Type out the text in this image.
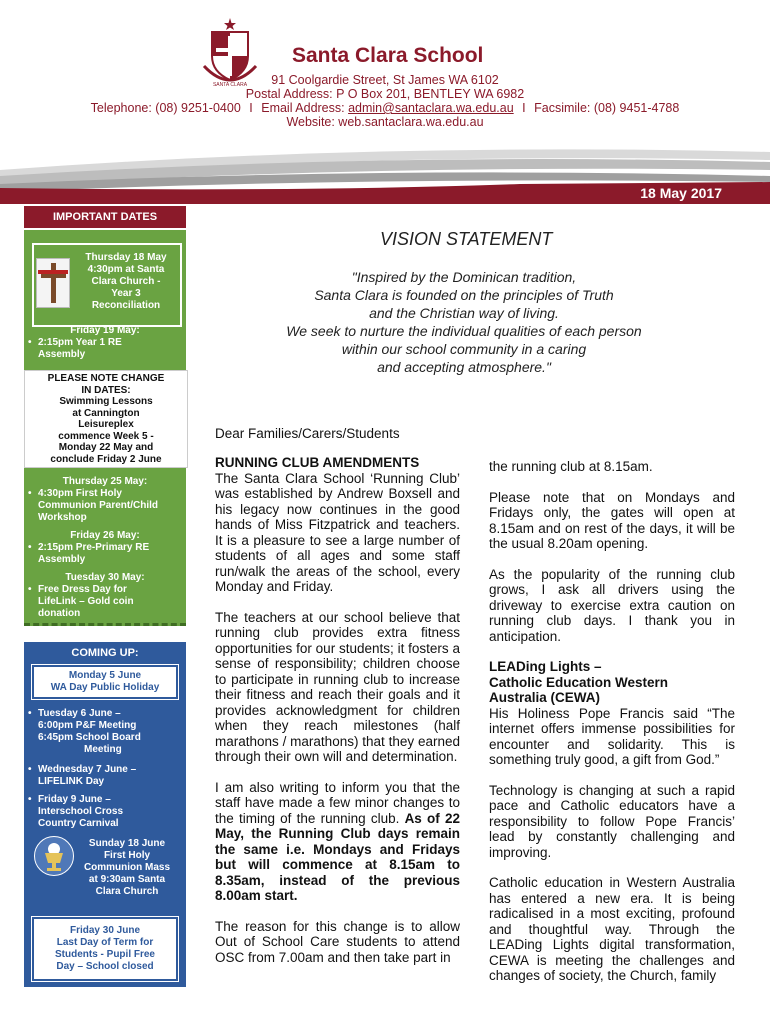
SANTA CLARA
Santa Clara School
91 Coolgardie Street, St James WA 6102
Postal Address: P O Box 201, BENTLEY WA 6982
Telephone: (08) 9251-0400 I Email Address: admin@santaclara.wa.edu.au I Facsimile: (08) 9451-4788
Website: web.santaclara.wa.edu.au
18 May 2017
IMPORTANT DATES
Thursday 18 May
4:30pm at Santa
Clara Church -
Year 3
Reconciliation
Friday 19 May:
• 2:15pm Year 1 RE
Assembly
PLEASE NOTE CHANGE
IN DATES:
Swimming Lessons
at Cannington
Leisureplex
commence Week 5 -
Monday 22 May and
conclude Friday 2 June
Thursday 25 May:
• 4:30pm First Holy
Communion Parent/Child
Workshop
Friday 26 May:
• 2:15pm Pre-Primary RE
Assembly
Tuesday 30 May:
• Free Dress Day for
LifeLink – Gold coin
donation
COMING UP:
Monday 5 June
WA Day Public Holiday
• Tuesday 6 June –
6:00pm P&F Meeting
6:45pm School Board
Meeting
• Wednesday 7 June –
LIFELINK Day
• Friday 9 June –
Interschool Cross
Country Carnival
Sunday 18 June
First Holy
Communion Mass
at 9:30am Santa
Clara Church
Friday 30 June
Last Day of Term for
Students - Pupil Free
Day – School closed
VISION STATEMENT
"Inspired by the Dominican tradition,
Santa Clara is founded on the principles of Truth
and the Christian way of living.
We seek to nurture the individual qualities of each person
within our school community in a caring
and accepting atmosphere."
Dear Families/Carers/Students
RUNNING CLUB AMENDMENTS

The Santa Clara School ‘Running Club’ was established by Andrew Boxsell and his legacy now continues in the good hands of Miss Fitzpatrick and teachers. It is a pleasure to see a large number of students of all ages and some staff run/walk the areas of the school, every Monday and Friday.

The teachers at our school believe that running club provides extra fitness opportunities for our students; it fosters a sense of responsibility; children choose to participate in running club to increase their fitness and reach their goals and it provides acknowledgment for children when they reach milestones (half marathons / marathons) that they earned through their own will and determination.

I am also writing to inform you that the staff have made a few minor changes to the timing of the running club. As of 22 May, the Running Club days remain the same i.e. Mondays and Fridays but will commence at 8.15am to 8.35am, instead of the previous 8.00am start.

The reason for this change is to allow Out of School Care students to attend OSC from 7.00am and then take part in

the running club at 8.15am.

Please note that on Mondays and Fridays only, the gates will open at 8.15am and on rest of the days, it will be the usual 8.20am opening.

As the popularity of the running club grows, I ask all drivers using the driveway to exercise extra caution on running club days. I thank you in anticipation.

LEADing Lights –
Catholic Education Western
Australia (CEWA)

His Holiness Pope Francis said “The internet offers immense possibilities for encounter and solidarity. This is something truly good, a gift from God.”

Technology is changing at such a rapid pace and Catholic educators have a responsibility to follow Pope Francis’ lead by constantly challenging and improving.

Catholic education in Western Australia has entered a new era. It is being radicalised in a most exciting, profound and thoughtful way. Through the LEADing Lights digital transformation, CEWA is meeting the challenges and changes of society, the Church, family
